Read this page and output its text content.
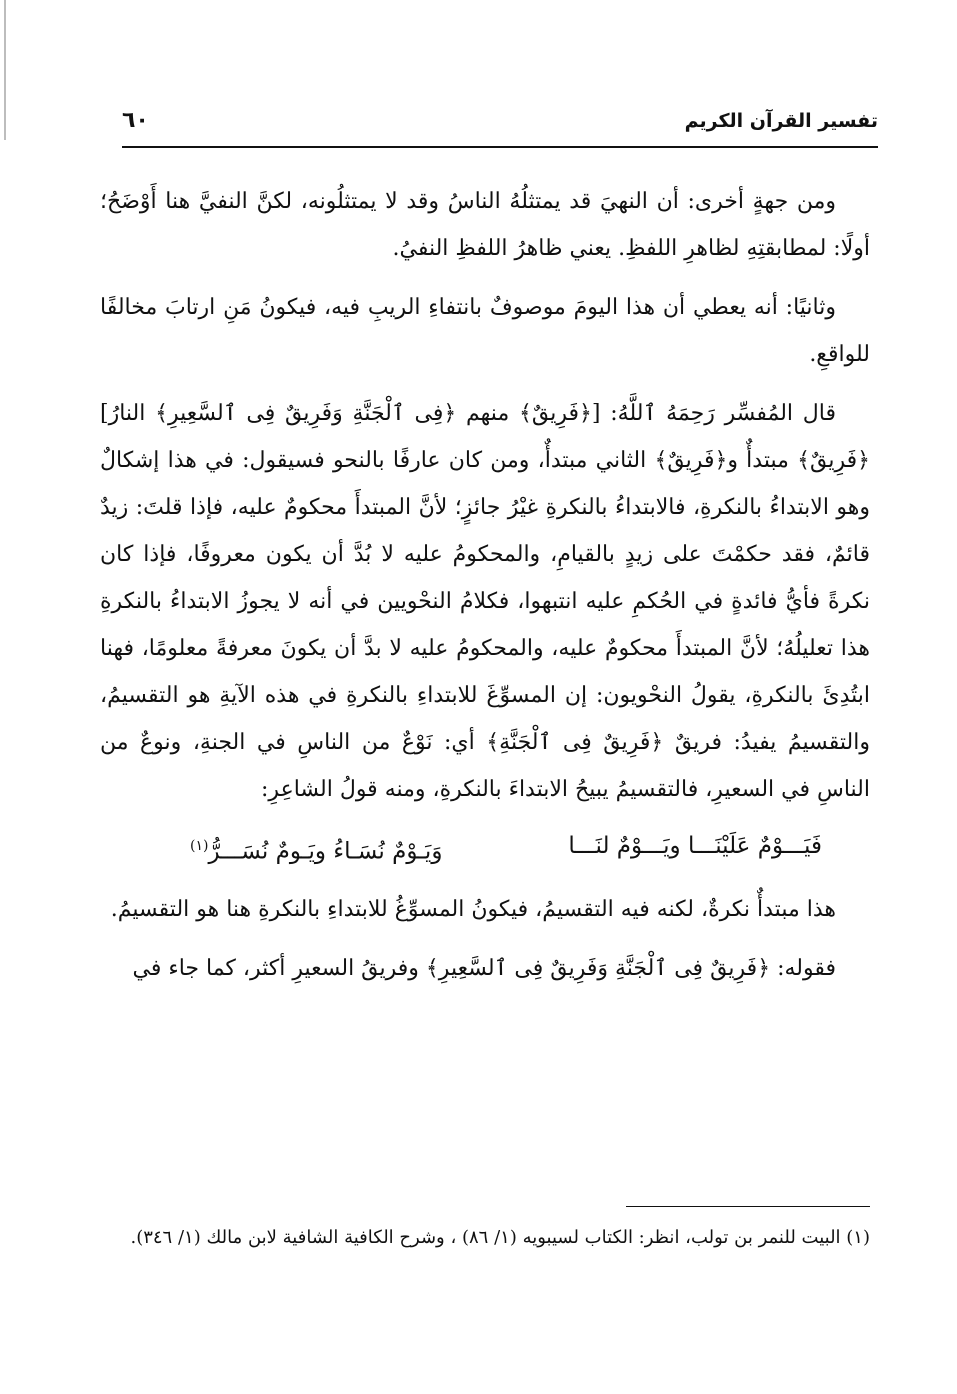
تفسير القرآن الكريم
٦٠

ومن جهةٍ أخرى: أن النهيَ قد يمتثلُهُ الناسُ وقد لا يمتثلُونه، لكنَّ النفيَّ هنا أَوْضَحُ؛ أولًا: لمطابقتِهِ لظاهرِ اللفظِ. يعني ظاهرُ اللفظِ النفيُ.

وثانيًا: أنه يعطي أن هذا اليومَ موصوفٌ بانتفاءِ الريبِ فيه، فيكونُ مَنِ ارتابَ مخالفًا للواقعِ.

قال المُفسِّر رَحِمَهُ ٱللَّهُ: [﴿فَرِيقٌ﴾ منهم ﴿فِى ٱلْجَنَّةِ وَفَرِيقٌ فِى ٱلسَّعِيرِ﴾ النارُ] ﴿فَرِيقٌ﴾ مبتدأٌ و﴿فَرِيقٌ﴾ الثاني مبتدأٌ، ومن كان عارفًا بالنحو فسيقول: في هذا إشكالٌ وهو الابتداءُ بالنكرةِ، فالابتداءُ بالنكرةِ غيْرُ جائزٍ؛ لأنَّ المبتدأَ محكومٌ عليه، فإذا قلتَ: زيدٌ قائمٌ، فقد حكمْتَ على زيدٍ بالقيامِ، والمحكومُ عليه لا بُدَّ أن يكون معروفًا، فإذا كان نكرةً فأيُّ فائدةٍ في الحُكمِ عليه انتبهوا، فكلامُ النحْويين في أنه لا يجوزُ الابتداءُ بالنكرةِ هذا تعليلُهُ؛ لأنَّ المبتدأَ محكومٌ عليه، والمحكومُ عليه لا بدَّ أن يكونَ معرفةً معلومًا، فهنا ابتُدِئَ بالنكرةِ، يقولُ النحْويون: إن المسوِّغَ للابتداءِ بالنكرةِ في هذه الآيةِ هو التقسيمُ، والتقسيمُ يفيدُ: فريقٌ ﴿فَرِيقٌ فِى ٱلْجَنَّةِ﴾ أي: نَوْعٌ من الناسِ في الجنةِ، ونوعٌ من الناسِ في السعيرِ، فالتقسيمُ يبيحُ الابتداءَ بالنكرةِ، ومنه قولُ الشاعِرِ:

فَيَـــوْمٌ عَلَيْنَـــا ويَـــوْمٌ لنَـــا
وَيَـوْمٌ نُسَـاءُ ويَـومٌ نُسَـــرُّ$^{(١)}$

هذا مبتدأٌ نكرةٌ، لكنه فيه التقسيمُ، فيكونُ المسوِّغُ للابتداءِ بالنكرةِ هنا هو التقسيمُ.

فقوله: ﴿فَرِيقٌ فِى ٱلْجَنَّةِ وَفَرِيقٌ فِى ٱلسَّعِيرِ﴾ وفريقُ السعيرِ أكثر، كما جاء في

(١) البيت للنمر بن تولب، انظر: الكتاب لسيبويه (١/ ٨٦) ، وشرح الكافية الشافية لابن مالك (١/ ٣٤٦).
